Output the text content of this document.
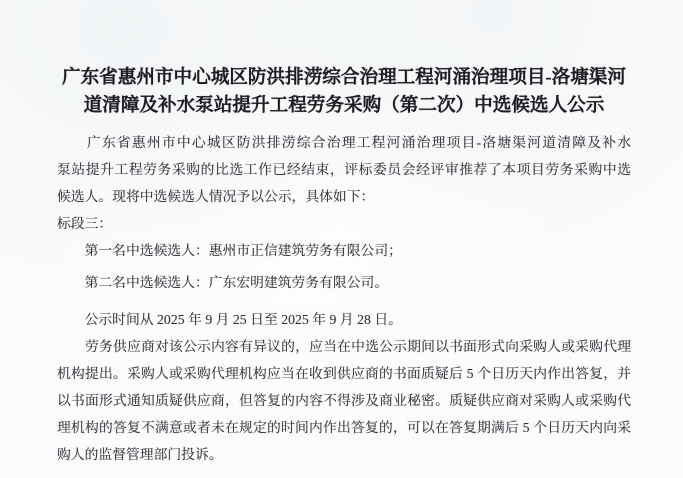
广东省惠州市中心城区防洪排涝综合治理工程河涌治理项目-洛塘渠河
道清障及补水泵站提升工程劳务采购（第二次）中选候选人公示
　　广东省惠州市中心城区防洪排涝综合治理工程河涌治理项目-洛塘渠河道清障及补水
泵站提升工程劳务采购的比选工作已经结束，评标委员会经评审推荐了本项目劳务采购中选
候选人。现将中选候选人情况予以公示，具体如下：
标段三：
　　第一名中选候选人：惠州市正信建筑劳务有限公司；
　　第二名中选候选人：广东宏明建筑劳务有限公司。
　　公示时间从 2025 年 9 月 25 日至 2025 年 9 月 28 日。
　　劳务供应商对该公示内容有异议的，应当在中选公示期间以书面形式向采购人或采购代理
机构提出。采购人或采购代理机构应当在收到供应商的书面质疑后 5 个日历天内作出答复，并
以书面形式通知质疑供应商，但答复的内容不得涉及商业秘密。质疑供应商对采购人或采购代
理机构的答复不满意或者未在规定的时间内作出答复的，可以在答复期满后 5 个日历天内向采
购人的监督管理部门投诉。
